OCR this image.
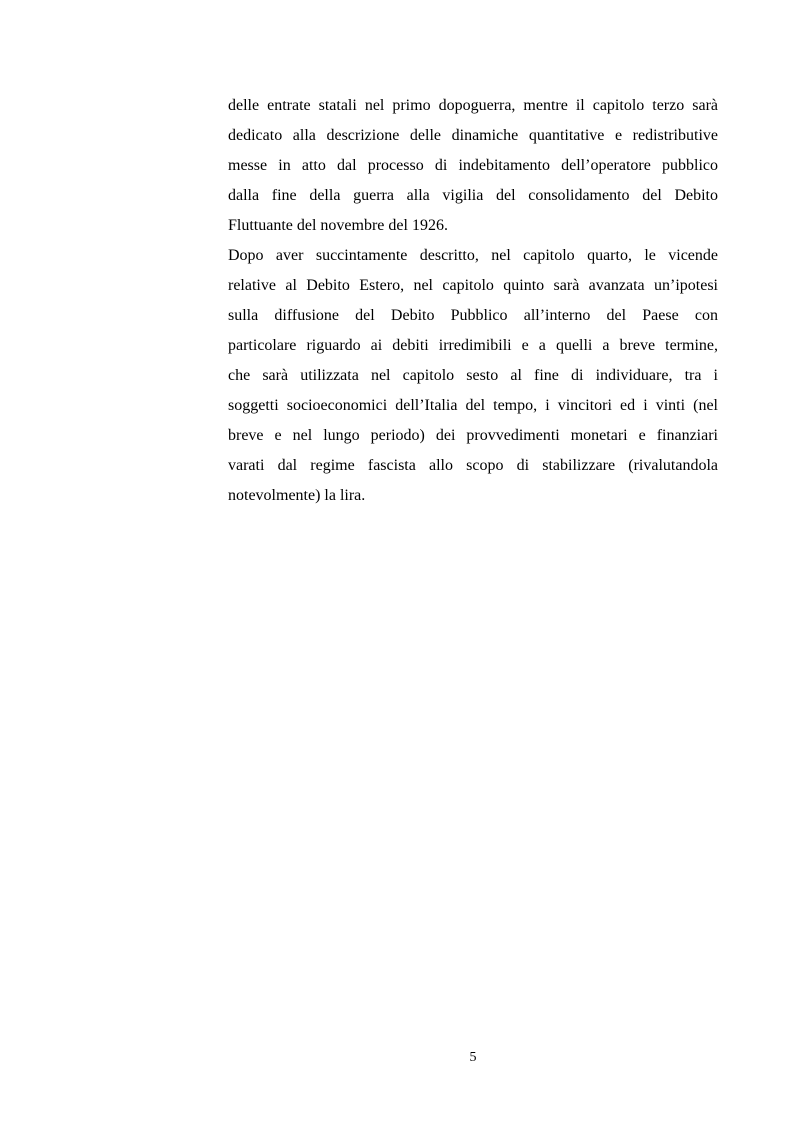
delle entrate statali nel primo dopoguerra, mentre il capitolo terzo sarà
dedicato alla descrizione delle dinamiche quantitative e redistributive
messe in atto dal processo di indebitamento dell’operatore pubblico
dalla fine della guerra alla vigilia del consolidamento del Debito
Fluttuante del novembre del 1926.
Dopo aver succintamente descritto, nel capitolo quarto, le vicende
relative al Debito Estero, nel capitolo quinto sarà avanzata un’ipotesi
sulla diffusione del Debito Pubblico all’interno del Paese con
particolare riguardo ai debiti irredimibili e a quelli a breve termine,
che sarà utilizzata nel capitolo sesto al fine di individuare, tra i
soggetti socioeconomici dell’Italia del tempo, i vincitori ed i vinti (nel
breve e nel lungo periodo) dei provvedimenti monetari e finanziari
varati dal regime fascista allo scopo di stabilizzare (rivalutandola
notevolmente) la lira.
5
